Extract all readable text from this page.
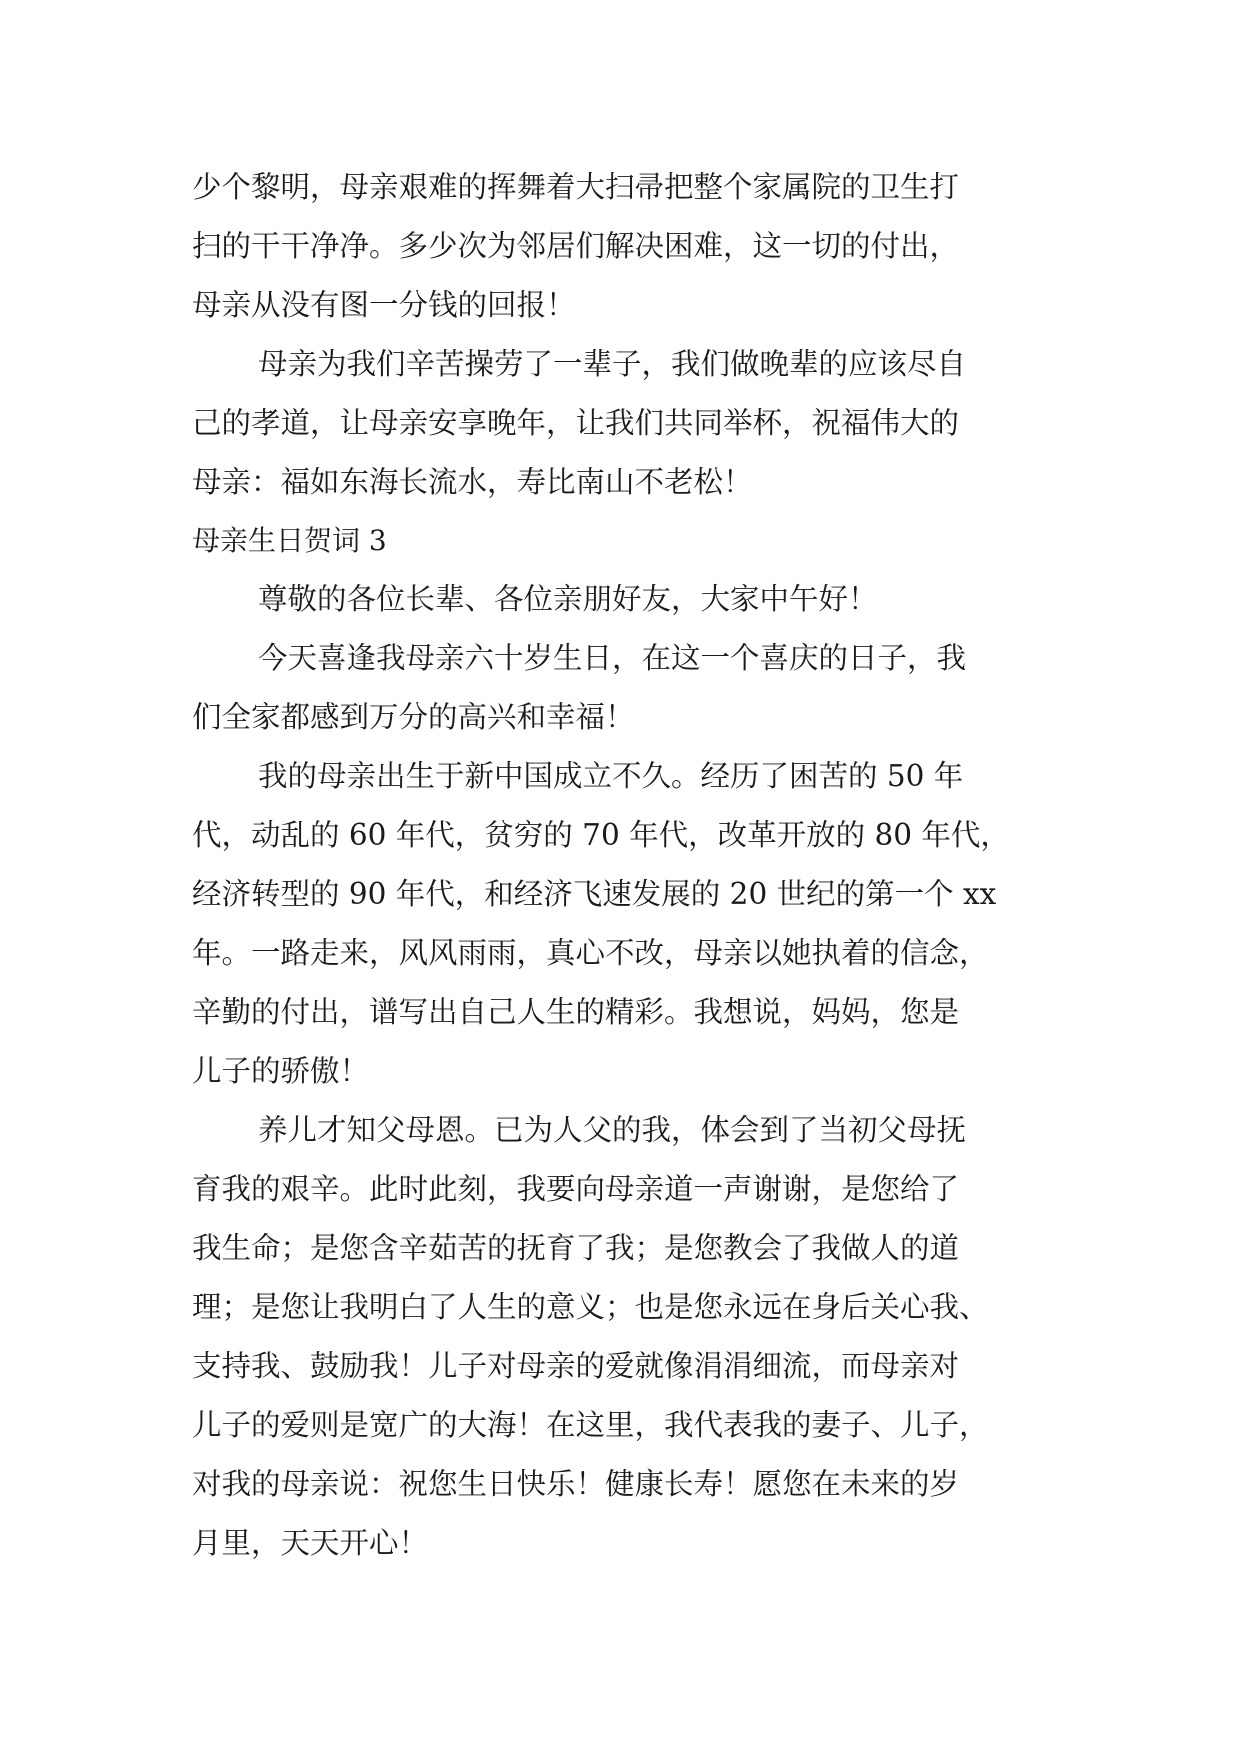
少个黎明，母亲艰难的挥舞着大扫帚把整个家属院的卫生打
扫的干干净净。多少次为邻居们解决困难，这一切的付出，
母亲从没有图一分钱的回报！
母亲为我们辛苦操劳了一辈子，我们做晚辈的应该尽自
己的孝道，让母亲安享晚年，让我们共同举杯，祝福伟大的
母亲：福如东海长流水，寿比南山不老松！
母亲生日贺词 3
尊敬的各位长辈、各位亲朋好友，大家中午好！
今天喜逢我母亲六十岁生日，在这一个喜庆的日子，我
们全家都感到万分的高兴和幸福！
我的母亲出生于新中国成立不久。经历了困苦的 50 年
代，动乱的 60 年代，贫穷的 70 年代，改革开放的 80 年代，
经济转型的 90 年代，和经济飞速发展的 20 世纪的第一个 xx
年。一路走来，风风雨雨，真心不改，母亲以她执着的信念，
辛勤的付出，谱写出自己人生的精彩。我想说，妈妈，您是
儿子的骄傲！
养儿才知父母恩。已为人父的我，体会到了当初父母抚
育我的艰辛。此时此刻，我要向母亲道一声谢谢，是您给了
我生命；是您含辛茹苦的抚育了我；是您教会了我做人的道
理；是您让我明白了人生的意义；也是您永远在身后关心我、
支持我、鼓励我！儿子对母亲的爱就像涓涓细流，而母亲对
儿子的爱则是宽广的大海！在这里，我代表我的妻子、儿子，
对我的母亲说：祝您生日快乐！健康长寿！愿您在未来的岁
月里，天天开心！
